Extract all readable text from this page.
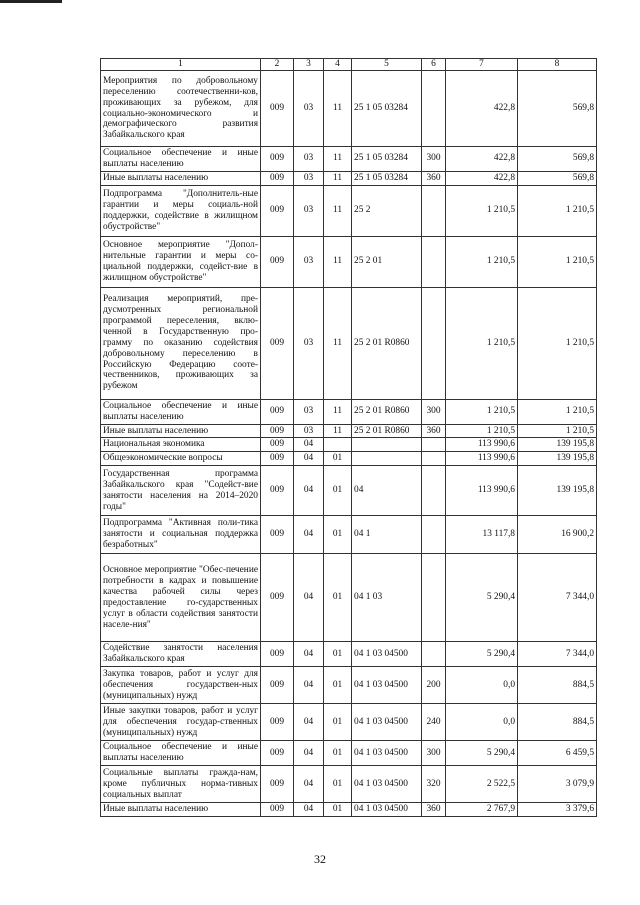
1	2	3	4	5	6	7	8
Мероприятия по добровольному переселению соотечественни-ков, проживающих за рубежом, для социально-экономического и демографического развития Забайкальского края	009	03	11	25 1 05 03284		422,8	569,8
Социальное обеспечение и иные выплаты населению	009	03	11	25 1 05 03284	300	422,8	569,8
Иные выплаты населению	009	03	11	25 1 05 03284	360	422,8	569,8
Подпрограмма "Дополнитель-ные гарантии и меры социаль-ной поддержки, содействие в жилищном обустройстве"	009	03	11	25 2		1 210,5	1 210,5
Основное мероприятие "Допол-нительные гарантии и меры со-циальной поддержки, содейст-вие в жилищном обустройстве"	009	03	11	25 2 01		1 210,5	1 210,5
Реализация мероприятий, пре-дусмотренных региональной программой переселения, вклю-ченной в Государственную про-грамму по оказанию содействия добровольному переселению в Российскую Федерацию сооте-чественников, проживающих за рубежом	009	03	11	25 2 01 R0860		1 210,5	1 210,5
Социальное обеспечение и иные выплаты населению	009	03	11	25 2 01 R0860	300	1 210,5	1 210,5
Иные выплаты населению	009	03	11	25 2 01 R0860	360	1 210,5	1 210,5
Национальная экономика	009	04				113 990,6	139 195,8
Общеэкономические вопросы	009	04	01			113 990,6	139 195,8
Государственная программа Забайкальского края "Содейст-вие занятости населения на 2014–2020 годы"	009	04	01	04		113 990,6	139 195,8
Подпрограмма "Активная поли-тика занятости и социальная поддержка безработных"	009	04	01	04 1		13 117,8	16 900,2
Основное мероприятие "Обес-печение потребности в кадрах и повышение качества рабочей силы через предоставление го-сударственных услуг в области содействия занятости населе-ния"	009	04	01	04 1 03		5 290,4	7 344,0
Содействие занятости населения Забайкальского края	009	04	01	04 1 03 04500		5 290,4	7 344,0
Закупка товаров, работ и услуг для обеспечения государствен-ных (муниципальных) нужд	009	04	01	04 1 03 04500	200	0,0	884,5
Иные закупки товаров, работ и услуг для обеспечения государ-ственных (муниципальных) нужд	009	04	01	04 1 03 04500	240	0,0	884,5
Социальное обеспечение и иные выплаты населению	009	04	01	04 1 03 04500	300	5 290,4	6 459,5
Социальные выплаты гражда-нам, кроме публичных норма-тивных социальных выплат	009	04	01	04 1 03 04500	320	2 522,5	3 079,9
Иные выплаты населению	009	04	01	04 1 03 04500	360	2 767,9	3 379,6
32
